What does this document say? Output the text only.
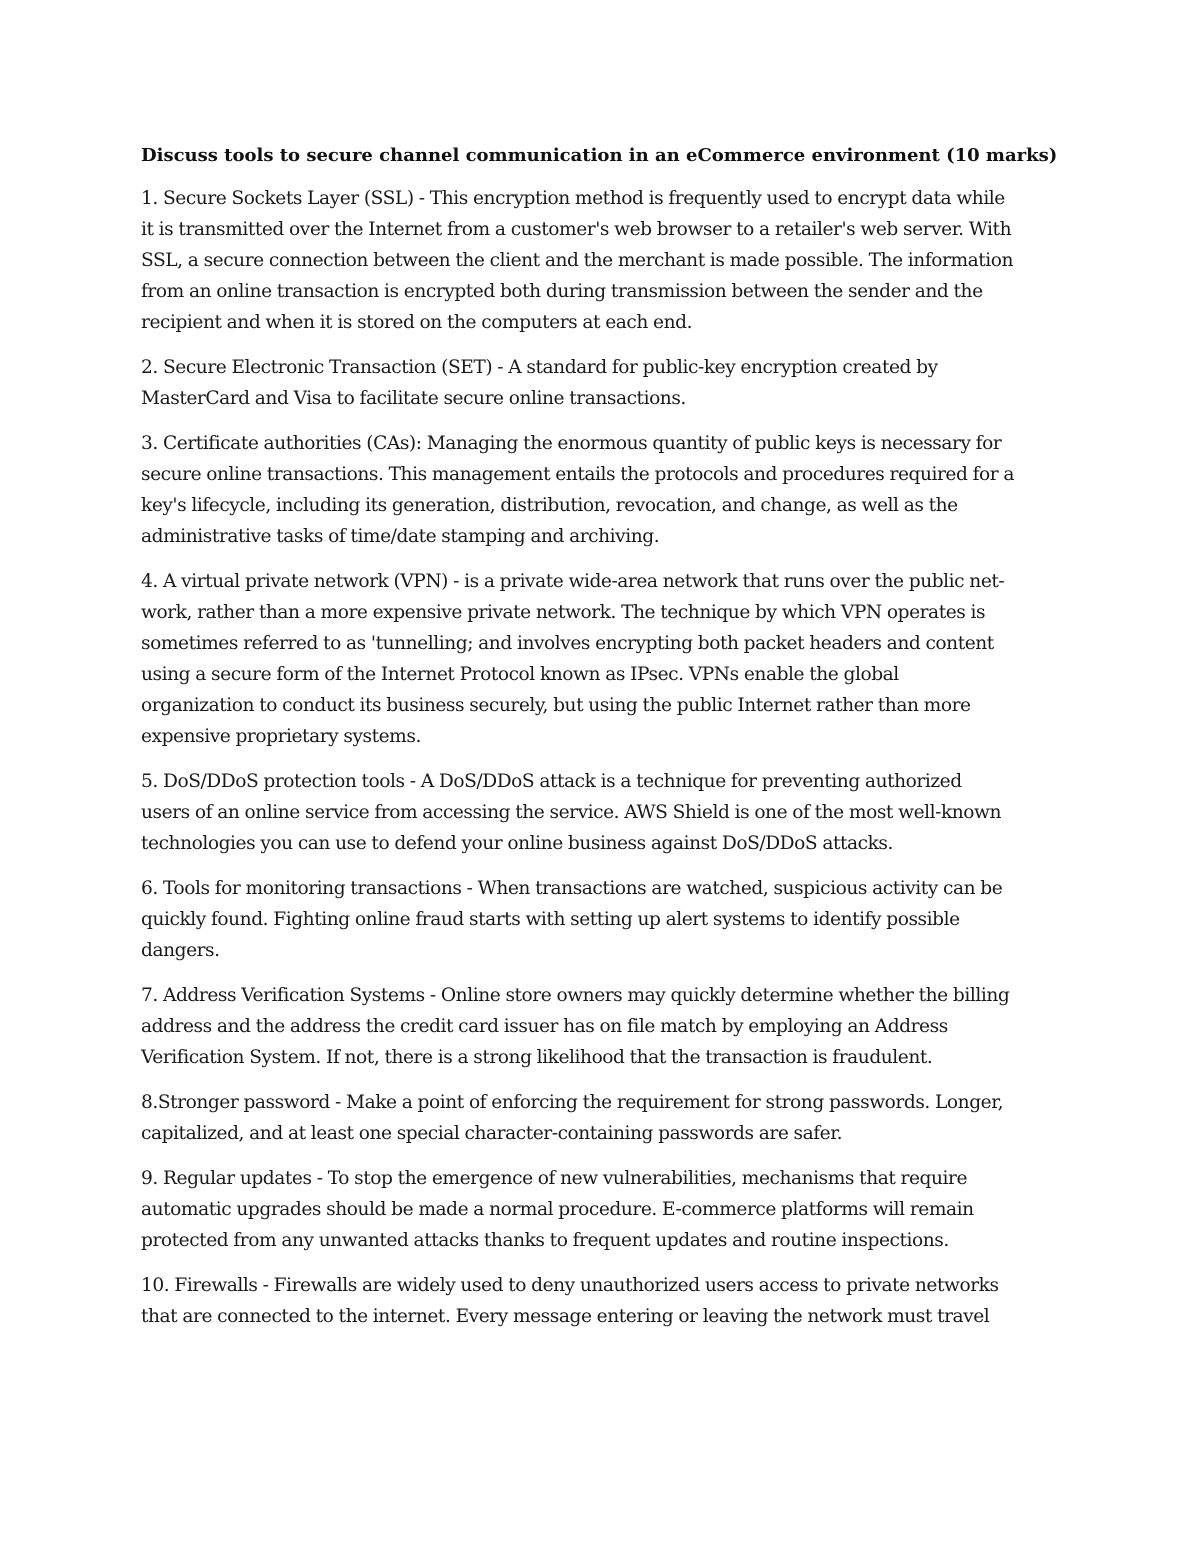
Discuss tools to secure channel communication in an eCommerce environment (10 marks)
1. Secure Sockets Layer (SSL) - This encryption method is frequently used to encrypt data while
it is transmitted over the Internet from a customer's web browser to a retailer's web server. With
SSL, a secure connection between the client and the merchant is made possible. The information
from an online transaction is encrypted both during transmission between the sender and the
recipient and when it is stored on the computers at each end.
2. Secure Electronic Transaction (SET) - A standard for public-key encryption created by
MasterCard and Visa to facilitate secure online transactions.
3. Certificate authorities (CAs): Managing the enormous quantity of public keys is necessary for
secure online transactions. This management entails the protocols and procedures required for a
key's lifecycle, including its generation, distribution, revocation, and change, as well as the
administrative tasks of time/date stamping and archiving.
4. A virtual private network (VPN) - is a private wide-area network that runs over the public net-
work, rather than a more expensive private network. The technique by which VPN operates is
sometimes referred to as 'tunnelling; and involves encrypting both packet headers and content
using a secure form of the Internet Protocol known as IPsec. VPNs enable the global
organization to conduct its business securely, but using the public Internet rather than more
expensive proprietary systems.
5. DoS/DDoS protection tools - A DoS/DDoS attack is a technique for preventing authorized
users of an online service from accessing the service. AWS Shield is one of the most well-known
technologies you can use to defend your online business against DoS/DDoS attacks.
6. Tools for monitoring transactions - When transactions are watched, suspicious activity can be
quickly found. Fighting online fraud starts with setting up alert systems to identify possible
dangers.
7. Address Verification Systems - Online store owners may quickly determine whether the billing
address and the address the credit card issuer has on file match by employing an Address
Verification System. If not, there is a strong likelihood that the transaction is fraudulent.
8.Stronger password - Make a point of enforcing the requirement for strong passwords. Longer,
capitalized, and at least one special character-containing passwords are safer.
9. Regular updates - To stop the emergence of new vulnerabilities, mechanisms that require
automatic upgrades should be made a normal procedure. E-commerce platforms will remain
protected from any unwanted attacks thanks to frequent updates and routine inspections.
10. Firewalls - Firewalls are widely used to deny unauthorized users access to private networks
that are connected to the internet. Every message entering or leaving the network must travel
